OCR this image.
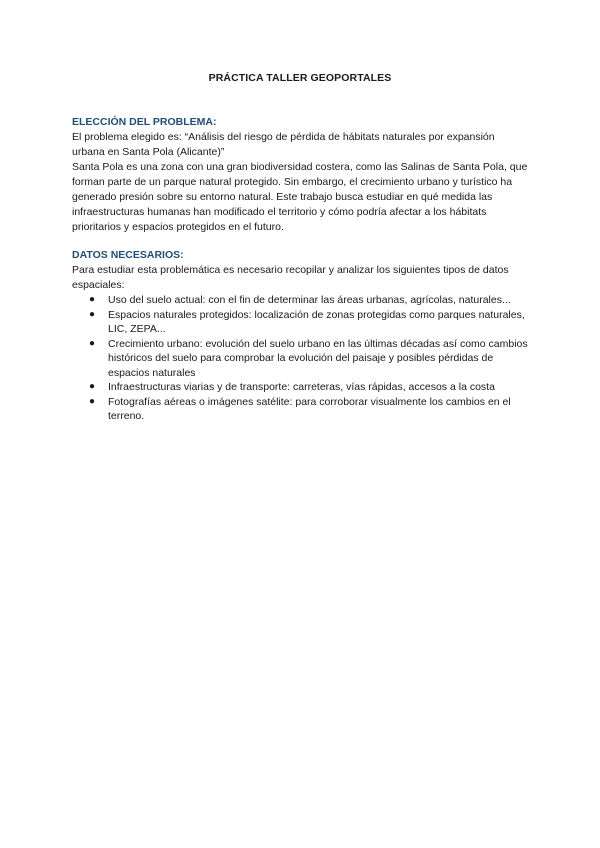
PRÁCTICA TALLER GEOPORTALES
ELECCIÓN DEL PROBLEMA:

El problema elegido es: “Análisis del riesgo de pérdida de hábitats naturales por expansión urbana en Santa Pola (Alicante)”

Santa Pola es una zona con una gran biodiversidad costera, como las Salinas de Santa Pola, que forman parte de un parque natural protegido. Sin embargo, el crecimiento urbano y turístico ha generado presión sobre su entorno natural. Este trabajo busca estudiar en qué medida las infraestructuras humanas han modificado el territorio y cómo podría afectar a los hábitats prioritarios y espacios protegidos en el futuro.

DATOS NECESARIOS:

Para estudiar esta problemática es necesario recopilar y analizar los siguientes tipos de datos espaciales:

● Uso del suelo actual: con el fin de determinar las áreas urbanas, agrícolas, naturales...
● Espacios naturales protegidos: localización de zonas protegidas como parques naturales, LIC, ZEPA...
● Crecimiento urbano: evolución del suelo urbano en las últimas décadas así como cambios históricos del suelo para comprobar la evolución del paisaje y posibles pérdidas de espacios naturales
● Infraestructuras viarias y de transporte: carreteras, vías rápidas, accesos a la costa
● Fotografías aéreas o imágenes satélite: para corroborar visualmente los cambios en el terreno.
